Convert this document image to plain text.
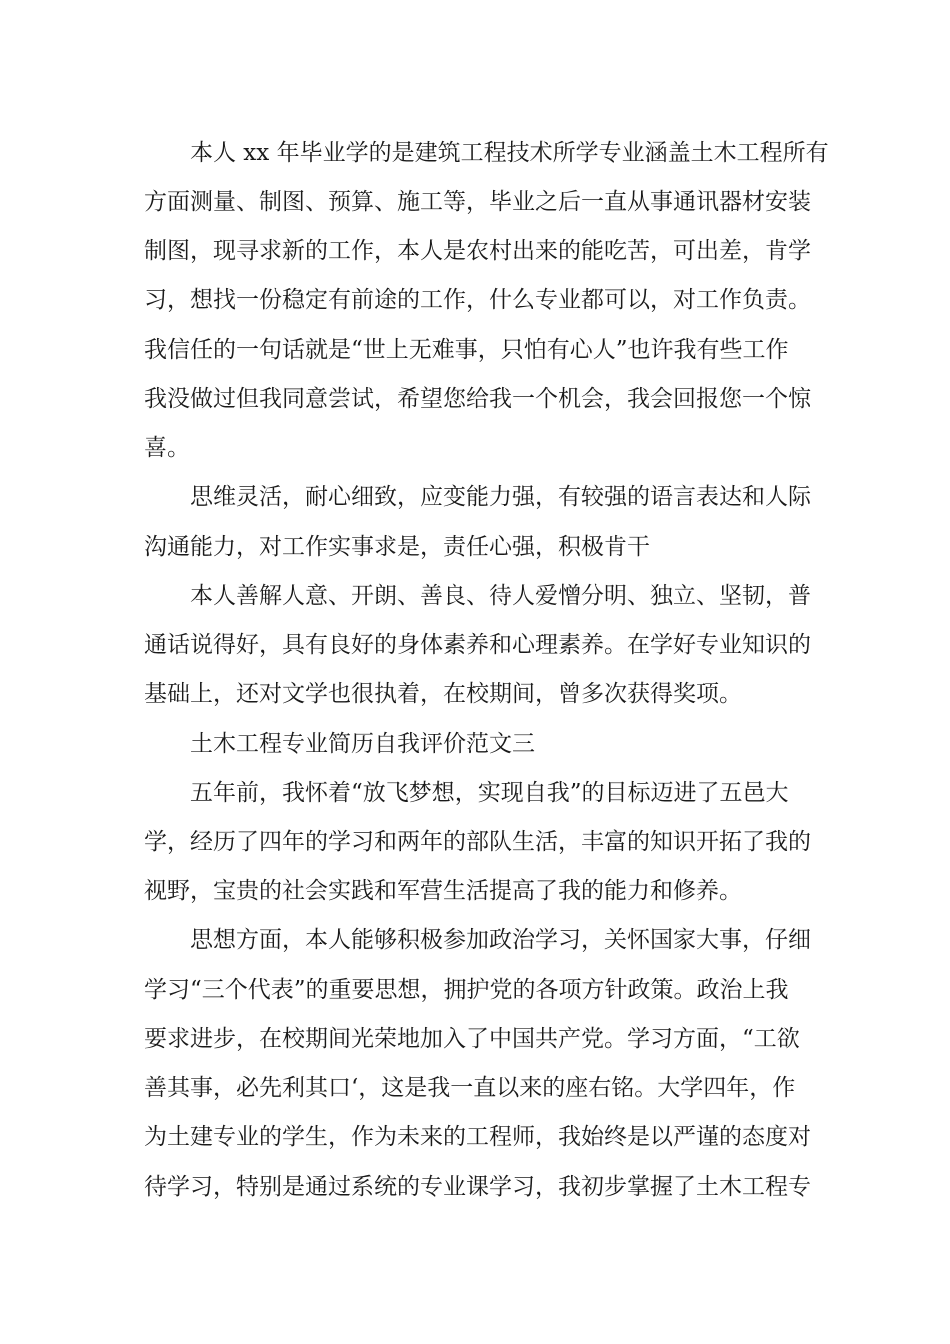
本人 xx 年毕业学的是建筑工程技术所学专业涵盖土木工程所有

方面测量、制图、预算、施工等，毕业之后一直从事通讯器材安装

制图，现寻求新的工作，本人是农村出来的能吃苦，可出差，肯学

习，想找一份稳定有前途的工作，什么专业都可以，对工作负责。

我信任的一句话就是“世上无难事，只怕有心人”也许我有些工作

我没做过但我同意尝试，希望您给我一个机会，我会回报您一个惊

喜。

思维灵活，耐心细致，应变能力强，有较强的语言表达和人际

沟通能力，对工作实事求是，责任心强，积极肯干

本人善解人意、开朗、善良、待人爱憎分明、独立、坚韧，普

通话说得好，具有良好的身体素养和心理素养。在学好专业知识的

基础上，还对文学也很执着，在校期间，曾多次获得奖项。

土木工程专业简历自我评价范文三

五年前，我怀着“放飞梦想，实现自我”的目标迈进了五邑大

学，经历了四年的学习和两年的部队生活，丰富的知识开拓了我的

视野，宝贵的社会实践和军营生活提高了我的能力和修养。

思想方面，本人能够积极参加政治学习，关怀国家大事，仔细

学习“三个代表”的重要思想，拥护党的各项方针政策。政治上我

要求进步，在校期间光荣地加入了中国共产党。学习方面，“工欲

善其事，必先利其口‘，这是我一直以来的座右铭。大学四年，作

为土建专业的学生，作为未来的工程师，我始终是以严谨的态度对

待学习，特别是通过系统的专业课学习，我初步掌握了土木工程专
